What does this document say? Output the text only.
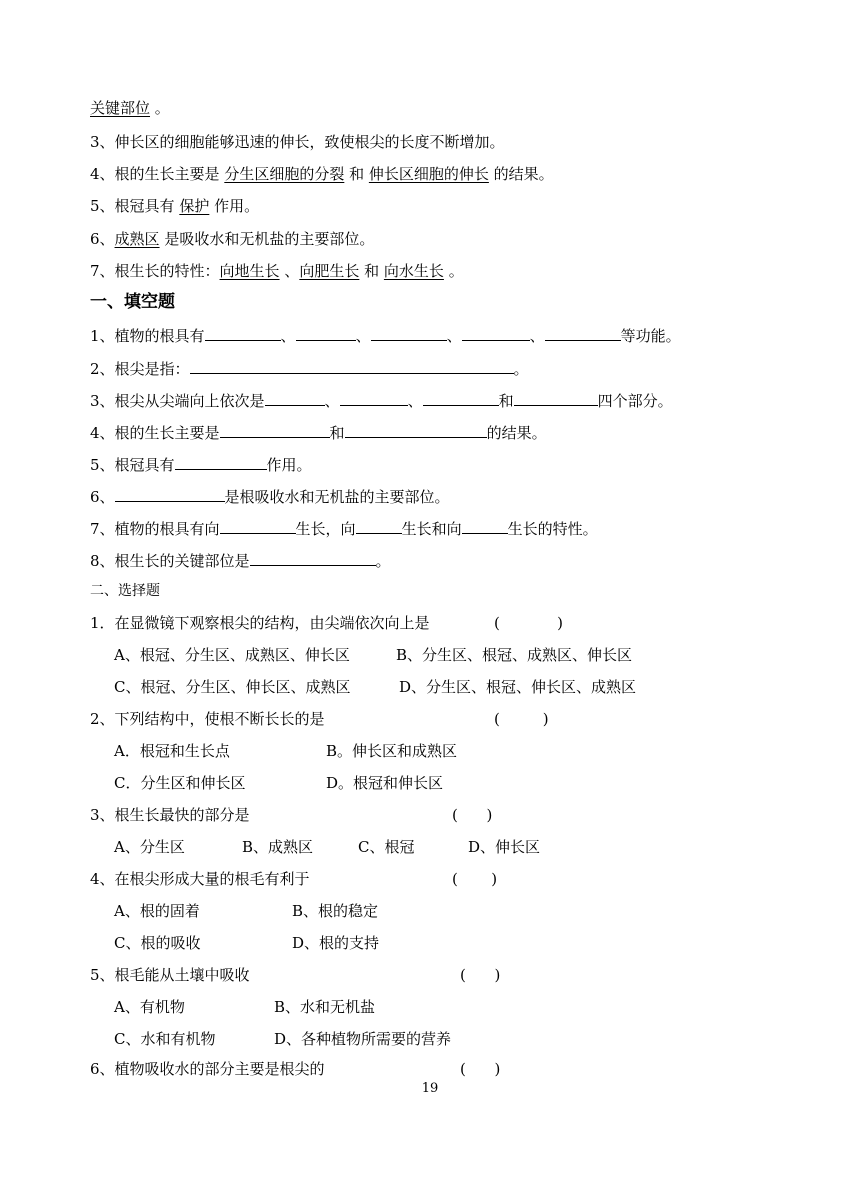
关键部位 。
3、伸长区的细胞能够迅速的伸长，致使根尖的长度不断增加。
4、根的生长主要是 分生区细胞的分裂 和 伸长区细胞的伸长 的结果。
5、根冠具有 保护 作用。
6、成熟区 是吸收水和无机盐的主要部位。
7、根生长的特性：向地生长 、向肥生长 和 向水生长 。
一、填空题
1、植物的根具有	、	、	、	、	等功能。
2、根尖是指：	。
3、根尖从尖端向上依次是	、	、	和	四个部分。
4、根的生长主要是	和	的结果。
5、根冠具有	作用。
6、	是根吸收水和无机盐的主要部位。
7、植物的根具有向	生长，向	生长和向	生长的特性。
8、根生长的关键部位是	。
二、选择题
1．在显微镜下观察根尖的结构，由尖端依次向上是	(            )
A、根冠、分生区、成熟区、伸长区	B、分生区、根冠、成熟区、伸长区
C、根冠、分生区、伸长区、成熟区	D、分生区、根冠、伸长区、成熟区
2、下列结构中，使根不断长长的是	(         )
A．根冠和生长点	B。伸长区和成熟区
C．分生区和伸长区	D。根冠和伸长区
3、根生长最快的部分是	(      )
A、分生区	B、成熟区	C、根冠	D、伸长区
4、在根尖形成大量的根毛有利于	(       )
A、根的固着	B、根的稳定
C、根的吸收	D、根的支持
5、根毛能从土壤中吸收	(      )
A、有机物	B、水和无机盐
C、水和有机物	D、各种植物所需要的营养
6、植物吸收水的部分主要是根尖的	(      )
19
